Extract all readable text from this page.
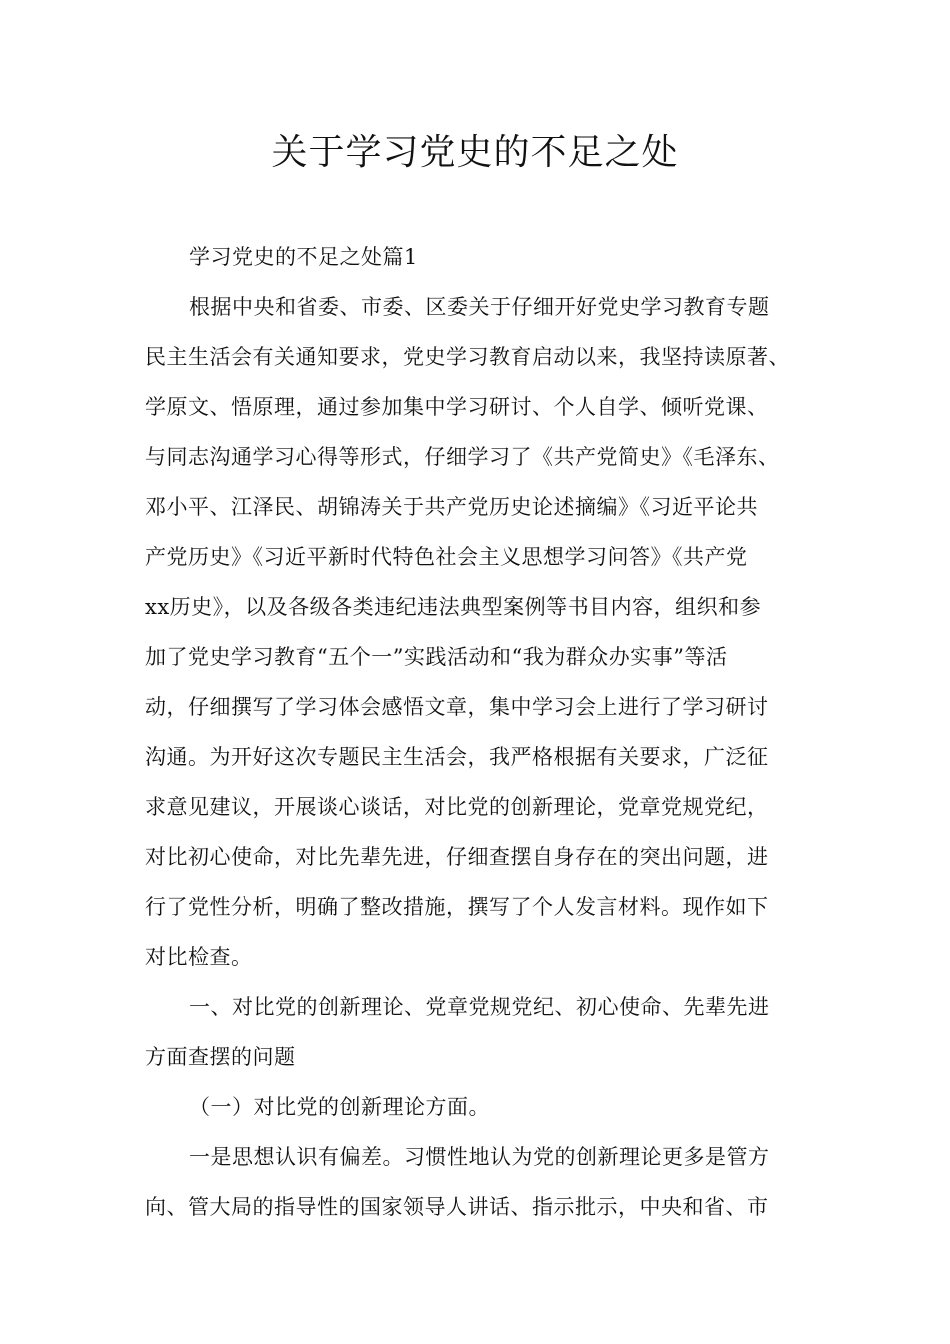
关于学习党史的不足之处

学习党史的不足之处篇1

根据中央和省委、市委、区委关于仔细开好党史学习教育专题
民主生活会有关通知要求，党史学习教育启动以来，我坚持读原著、
学原文、悟原理，通过参加集中学习研讨、个人自学、倾听党课、
与同志沟通学习心得等形式，仔细学习了《共产党简史》《毛泽东、
邓小平、江泽民、胡锦涛关于共产党历史论述摘编》《习近平论共
产党历史》《习近平新时代特色社会主义思想学习问答》《共产党
xx历史》，以及各级各类违纪违法典型案例等书目内容，组织和参
加了党史学习教育“五个一”实践活动和“我为群众办实事”等活
动，仔细撰写了学习体会感悟文章，集中学习会上进行了学习研讨
沟通。为开好这次专题民主生活会，我严格根据有关要求，广泛征
求意见建议，开展谈心谈话，对比党的创新理论，党章党规党纪，
对比初心使命，对比先辈先进，仔细查摆自身存在的突出问题，进
行了党性分析，明确了整改措施，撰写了个人发言材料。现作如下
对比检查。

一、对比党的创新理论、党章党规党纪、初心使命、先辈先进
方面查摆的问题

（一）对比党的创新理论方面。

一是思想认识有偏差。习惯性地认为党的创新理论更多是管方
向、管大局的指导性的国家领导人讲话、指示批示，中央和省、市
